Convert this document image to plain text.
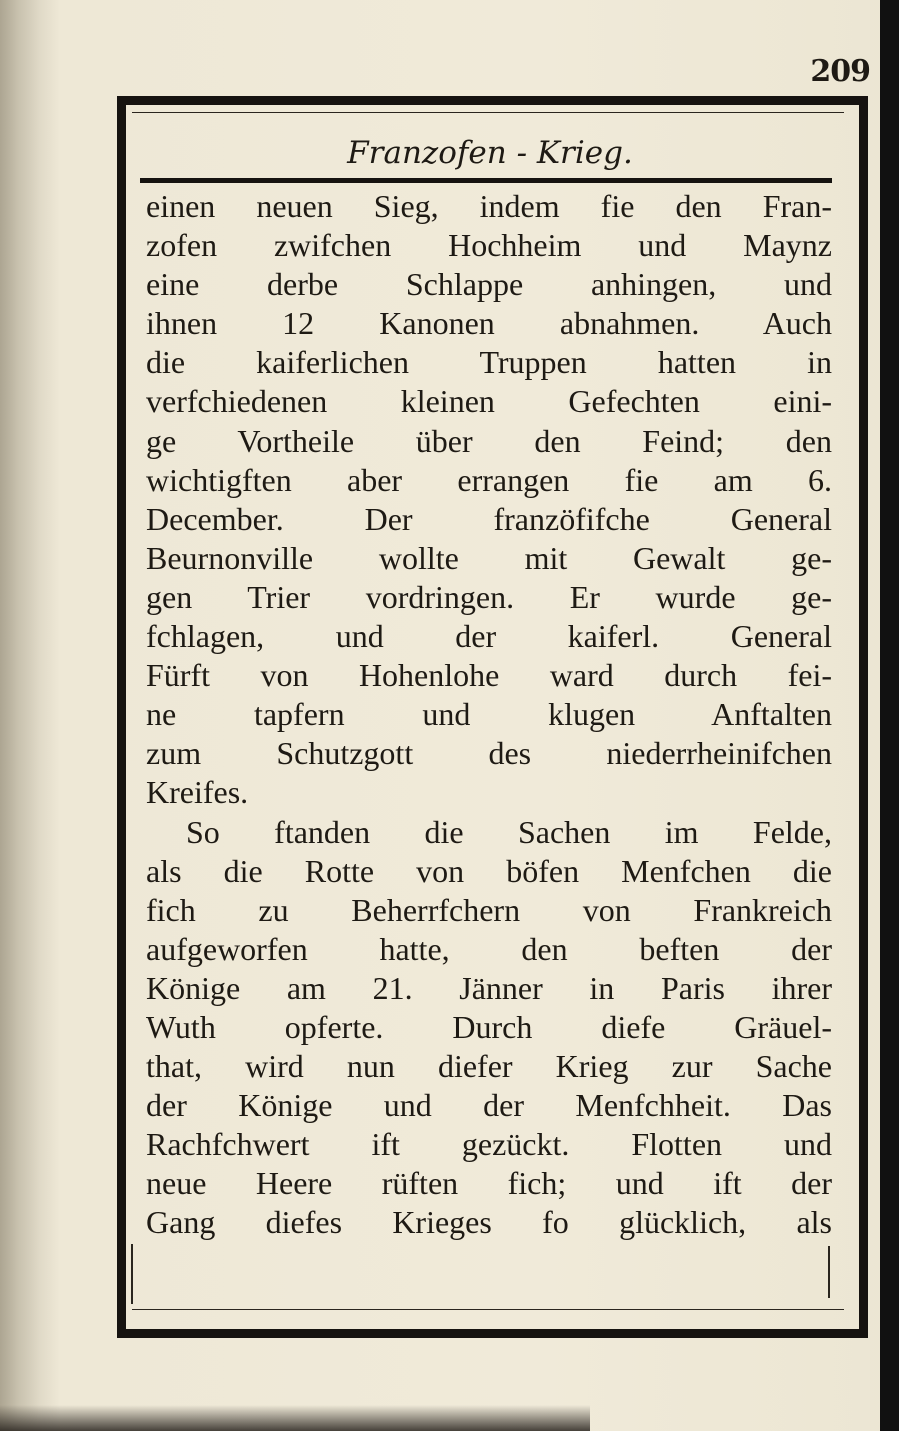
209
Franzofen - Krieg.
einen neuen Sieg, indem fie den Fran-
zofen zwifchen Hochheim und Maynz
eine derbe Schlappe anhingen, und
ihnen 12 Kanonen abnahmen. Auch
die kaiferlichen Truppen hatten in
verfchiedenen kleinen Gefechten eini-
ge Vortheile über den Feind; den
wichtigften aber errangen fie am 6.
December. Der franzöfifche General
Beurnonville wollte mit Gewalt ge-
gen Trier vordringen. Er wurde ge-
fchlagen, und der kaiferl. General
Fürft von Hohenlohe ward durch fei-
ne tapfern und klugen Anftalten
zum Schutzgott des niederrheinifchen
Kreifes.
So ftanden die Sachen im Felde,
als die Rotte von böfen Menfchen die
fich zu Beherrfchern von Frankreich
aufgeworfen hatte, den beften der
Könige am 21. Jänner in Paris ihrer
Wuth opferte. Durch diefe Gräuel-
that, wird nun diefer Krieg zur Sache
der Könige und der Menfchheit. Das
Rachfchwert ift gezückt. Flotten und
neue Heere rüften fich; und ift der
Gang diefes Krieges fo glücklich, als
